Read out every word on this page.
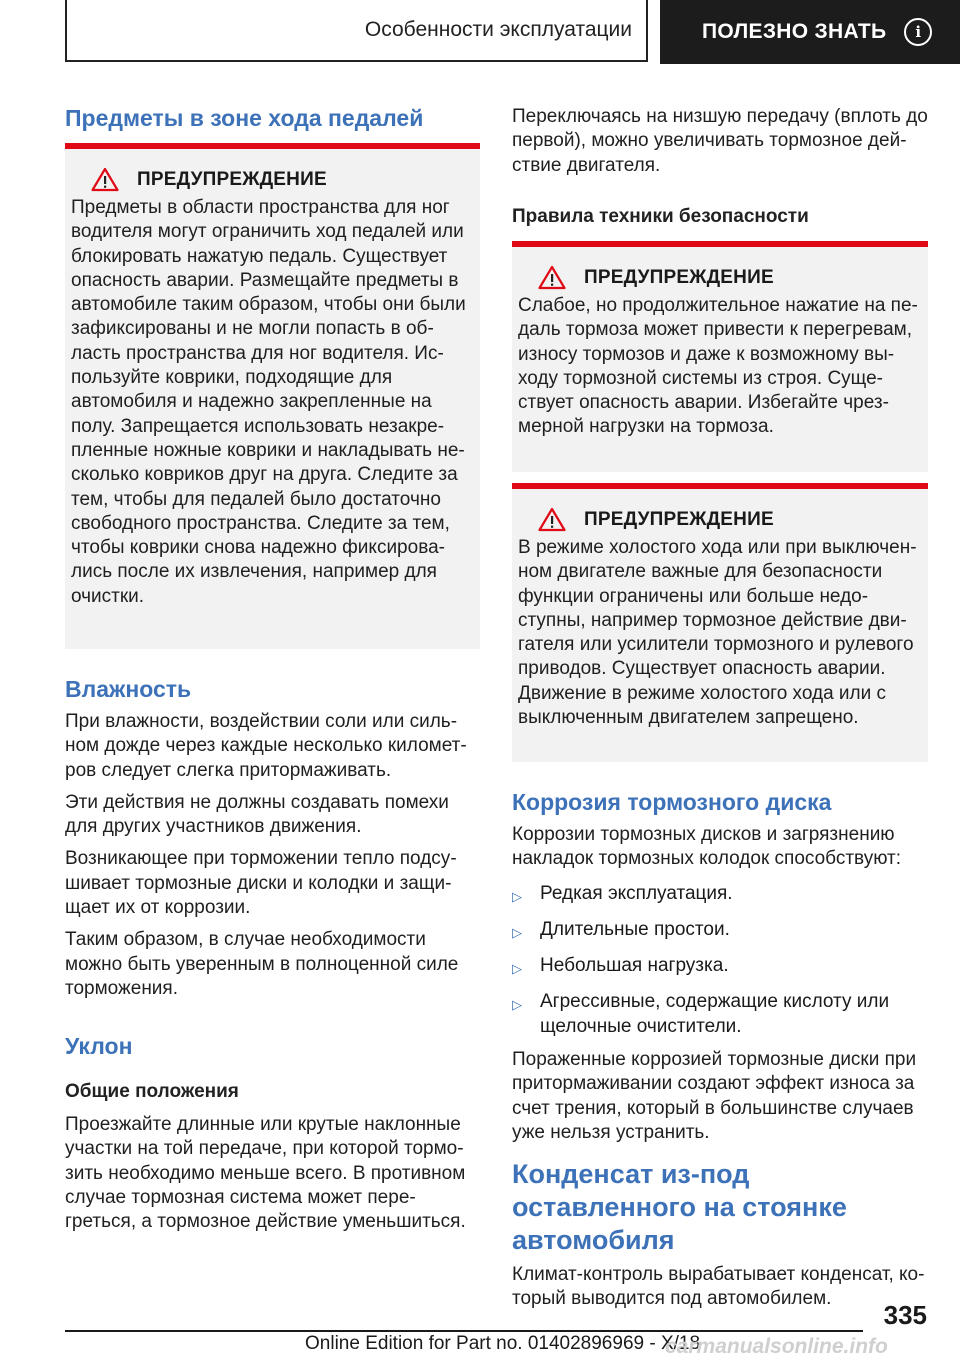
Особенности эксплуатации	ПОЛЕЗНО ЗНАТЬ	i
Предметы в зоне хода педалей
ПРЕДУПРЕЖДЕНИЕ

Предметы в области пространства для ног водителя могут ограничить ход педалей или блокировать нажатую педаль. Существует опасность аварии. Размещайте предметы в автомобиле таким образом, чтобы они были зафиксированы и не могли попасть в область пространства для ног водителя. Используйте коврики, подходящие для автомобиля и надежно закрепленные на полу. Запрещается использовать незакрепленные ножные коврики и накладывать несколько ковриков друг на друга. Следите за тем, чтобы для педалей было достаточно свободного пространства. Следите за тем, чтобы коврики снова надежно фиксировались после их извлечения, например для очистки.

Влажность

При влажности, воздействии соли или сильном дожде через каждые несколько километров следует слегка притормаживать.

Эти действия не должны создавать помехи для других участников движения.

Возникающее при торможении тепло подсушивает тормозные диски и колодки и защищает их от коррозии.

Таким образом, в случае необходимости можно быть уверенным в полноценной силе торможения.

Уклон
Общие положения

Проезжайте длинные или крутые наклонные участки на той передаче, при которой тормозить необходимо меньше всего. В противном случае тормозная система может перегреться, а тормозное действие уменьшиться.

Переключаясь на низшую передачу (вплоть до первой), можно увеличивать тормозное действие двигателя.

Правила техники безопасности
ПРЕДУПРЕЖДЕНИЕ

Слабое, но продолжительное нажатие на педаль тормоза может привести к перегревам, износу тормозов и даже к возможному выходу тормозной системы из строя. Существует опасность аварии. Избегайте чрезмерной нагрузки на тормоза.

ПРЕДУПРЕЖДЕНИЕ

В режиме холостого хода или при выключенном двигателе важные для безопасности функции ограничены или больше недоступны, например тормозное действие двигателя или усилители тормозного и рулевого приводов. Существует опасность аварии. Движение в режиме холостого хода или с выключенным двигателем запрещено.

Коррозия тормозного диска

Коррозии тормозных дисков и загрязнению накладок тормозных колодок способствуют:

▷ Редкая эксплуатация.
▷ Длительные простои.
▷ Небольшая нагрузка.
▷ Агрессивные, содержащие кислоту или щелочные очистители.

Пораженные коррозией тормозные диски при притормаживании создают эффект износа за счет трения, который в большинстве случаев уже нельзя устранить.

Конденсат из-под оставленного на стоянке автомобиля

Климат-контроль вырабатывает конденсат, который выводится под автомобилем.

335
Online Edition for Part no. 01402896969 - X/18
carmanualsonline.info
